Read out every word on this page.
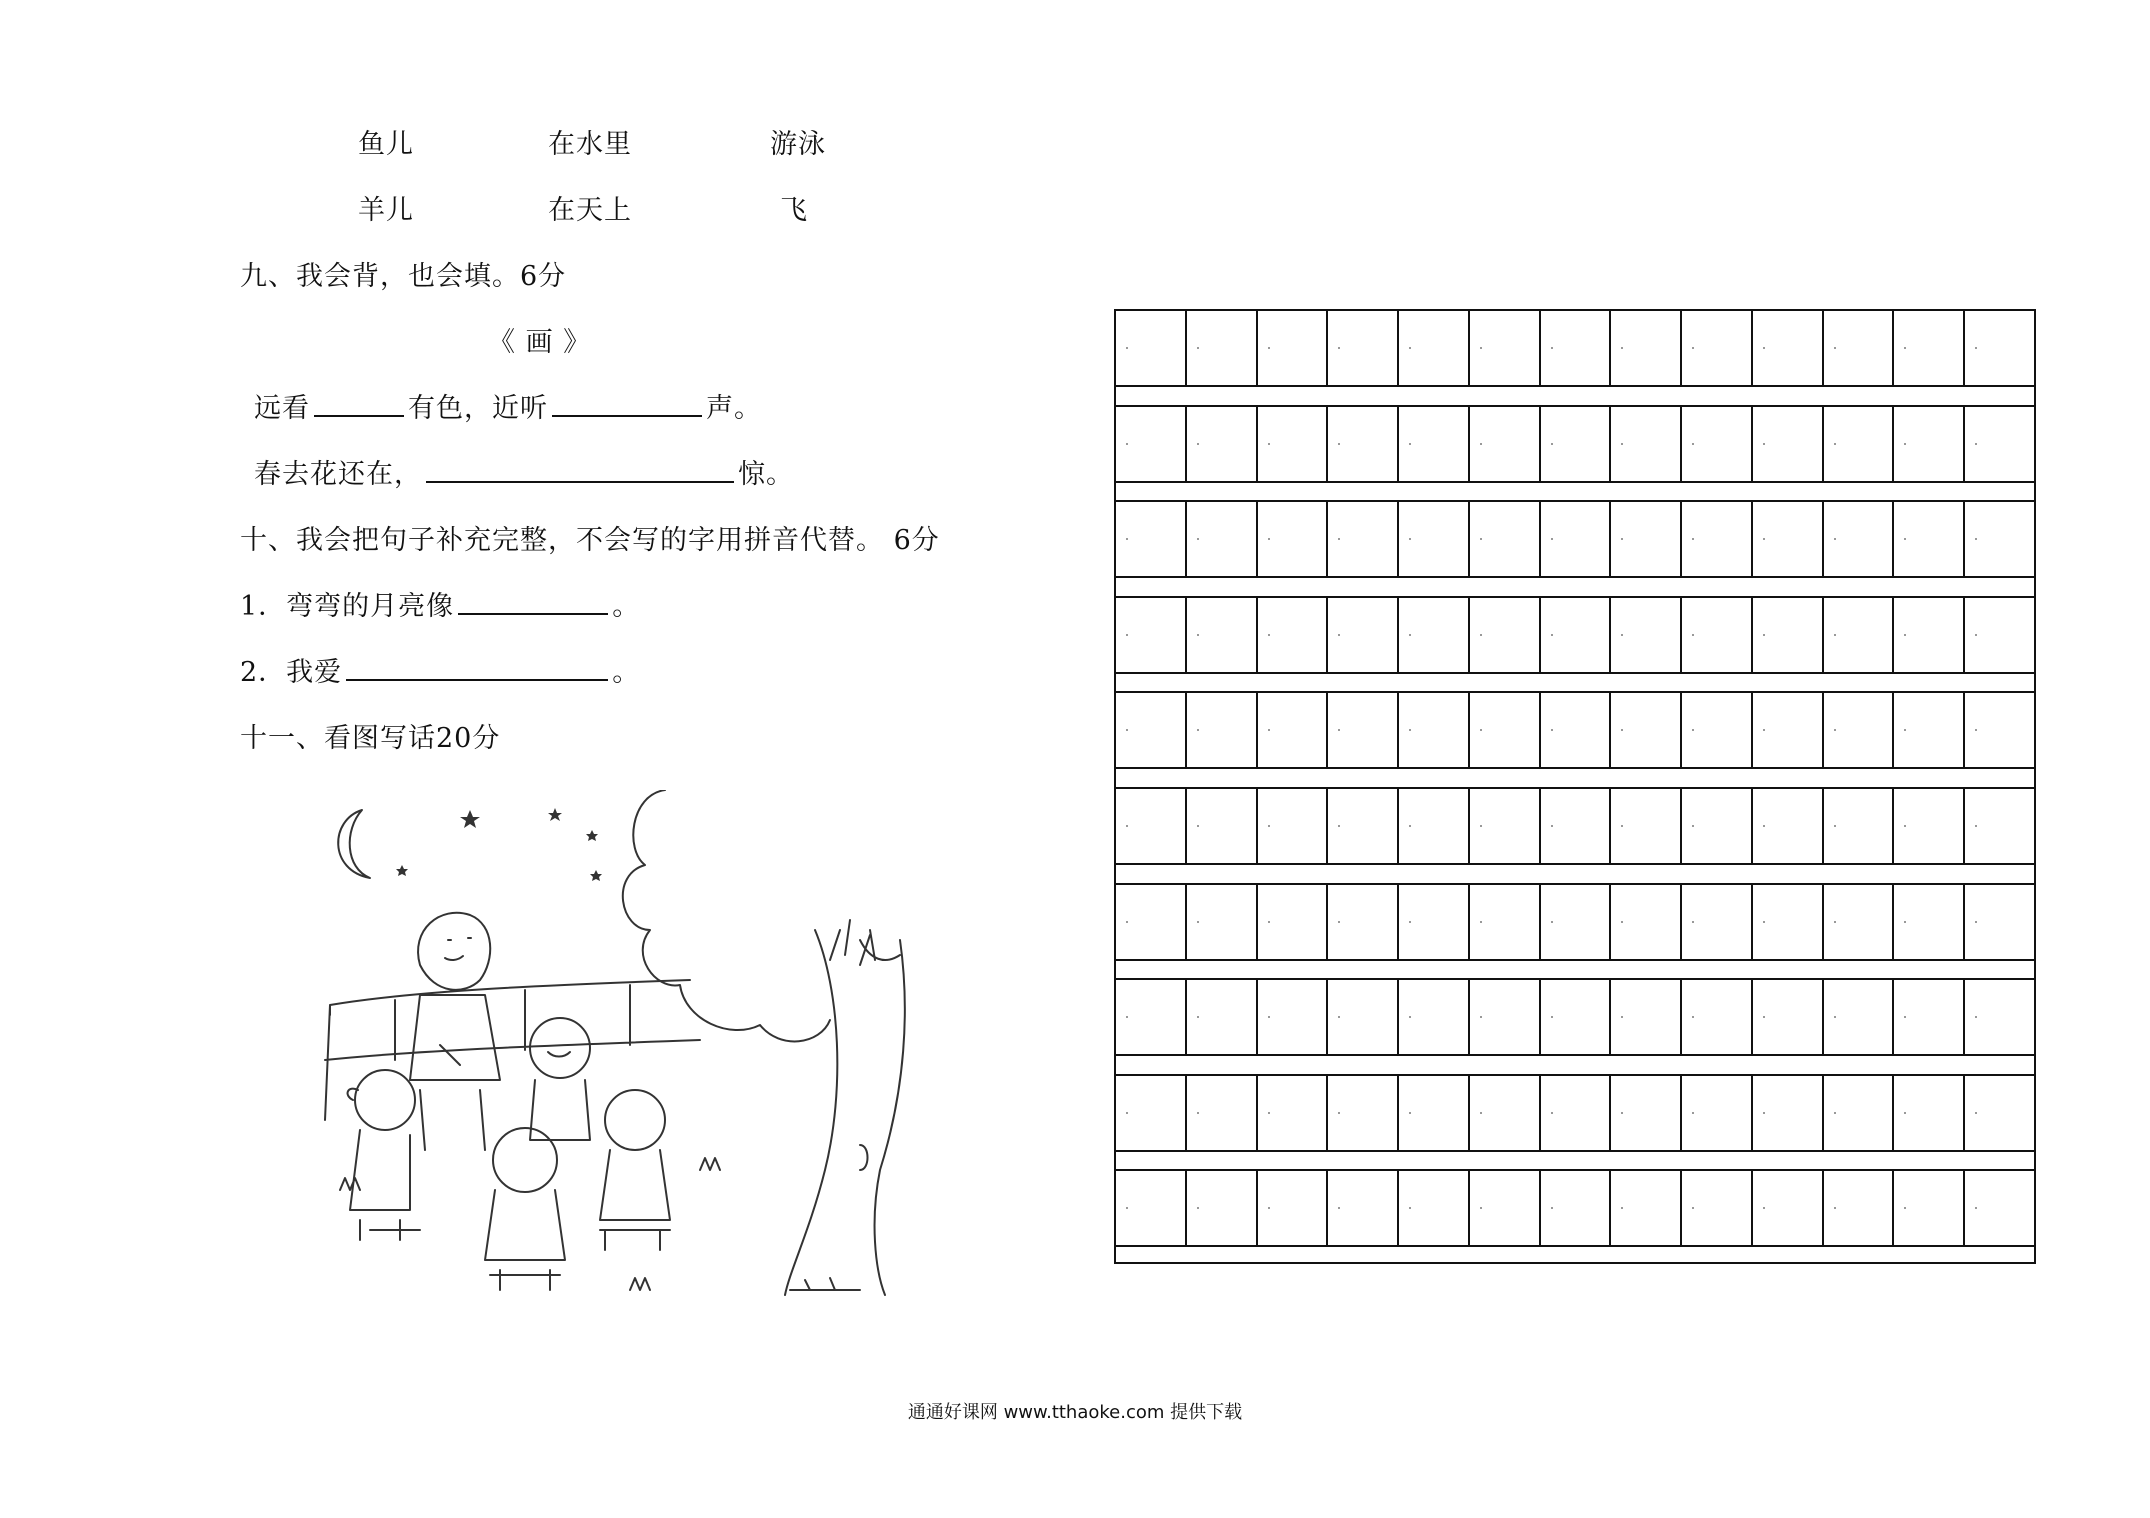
鱼儿	在水里	游泳
羊儿	在天上	飞
九、我会背，也会填。6分
《 画 》
远看	有色，近听	声。
春去花还在，	惊。
十、我会把句子补充完整，不会写的字用拼音代替。 6分
1．弯弯的月亮像	。
2．我爱	。
十一、看图写话20分
通通好课网 www.tthaoke.com 提供下载
